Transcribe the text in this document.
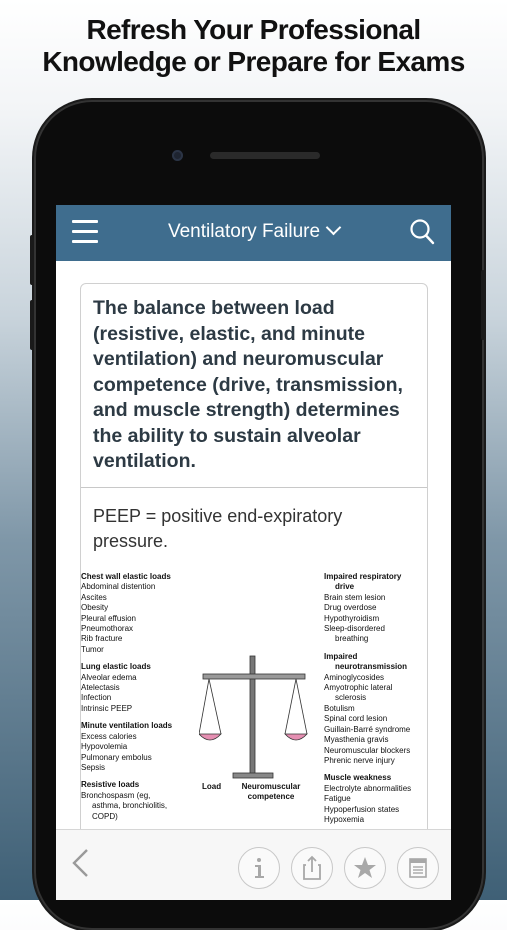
Refresh Your Professional
Knowledge or Prepare for Exams
Ventilatory Failure
The balance between load (resistive, elastic, and minute ventilation) and neuromuscular competence (drive, transmission, and muscle strength) determines the ability to sustain alveolar ventilation.
PEEP = positive end-expiratory pressure.
Chest wall elastic loads
Abdominal distention
Ascites
Obesity
Pleural effusion
Pneumothorax
Rib fracture
Tumor
Lung elastic loads
Alveolar edema
Atelectasis
Infection
Intrinsic PEEP
Minute ventilation loads
Excess calories
Hypovolemia
Pulmonary embolus
Sepsis
Resistive loads
Bronchospasm (eg,
asthma, bronchiolitis,
COPD)
Load	Neuromuscular
competence
Impaired respiratory
drive
Brain stem lesion
Drug overdose
Hypothyroidism
Sleep-disordered
breathing
Impaired
neurotransmission
Aminoglycosides
Amyotrophic lateral
sclerosis
Botulism
Spinal cord lesion
Guillain-Barré syndrome
Myasthenia gravis
Neuromuscular blockers
Phrenic nerve injury
Muscle weakness
Electrolyte abnormalities
Fatigue
Hypoperfusion states
Hypoxemia
